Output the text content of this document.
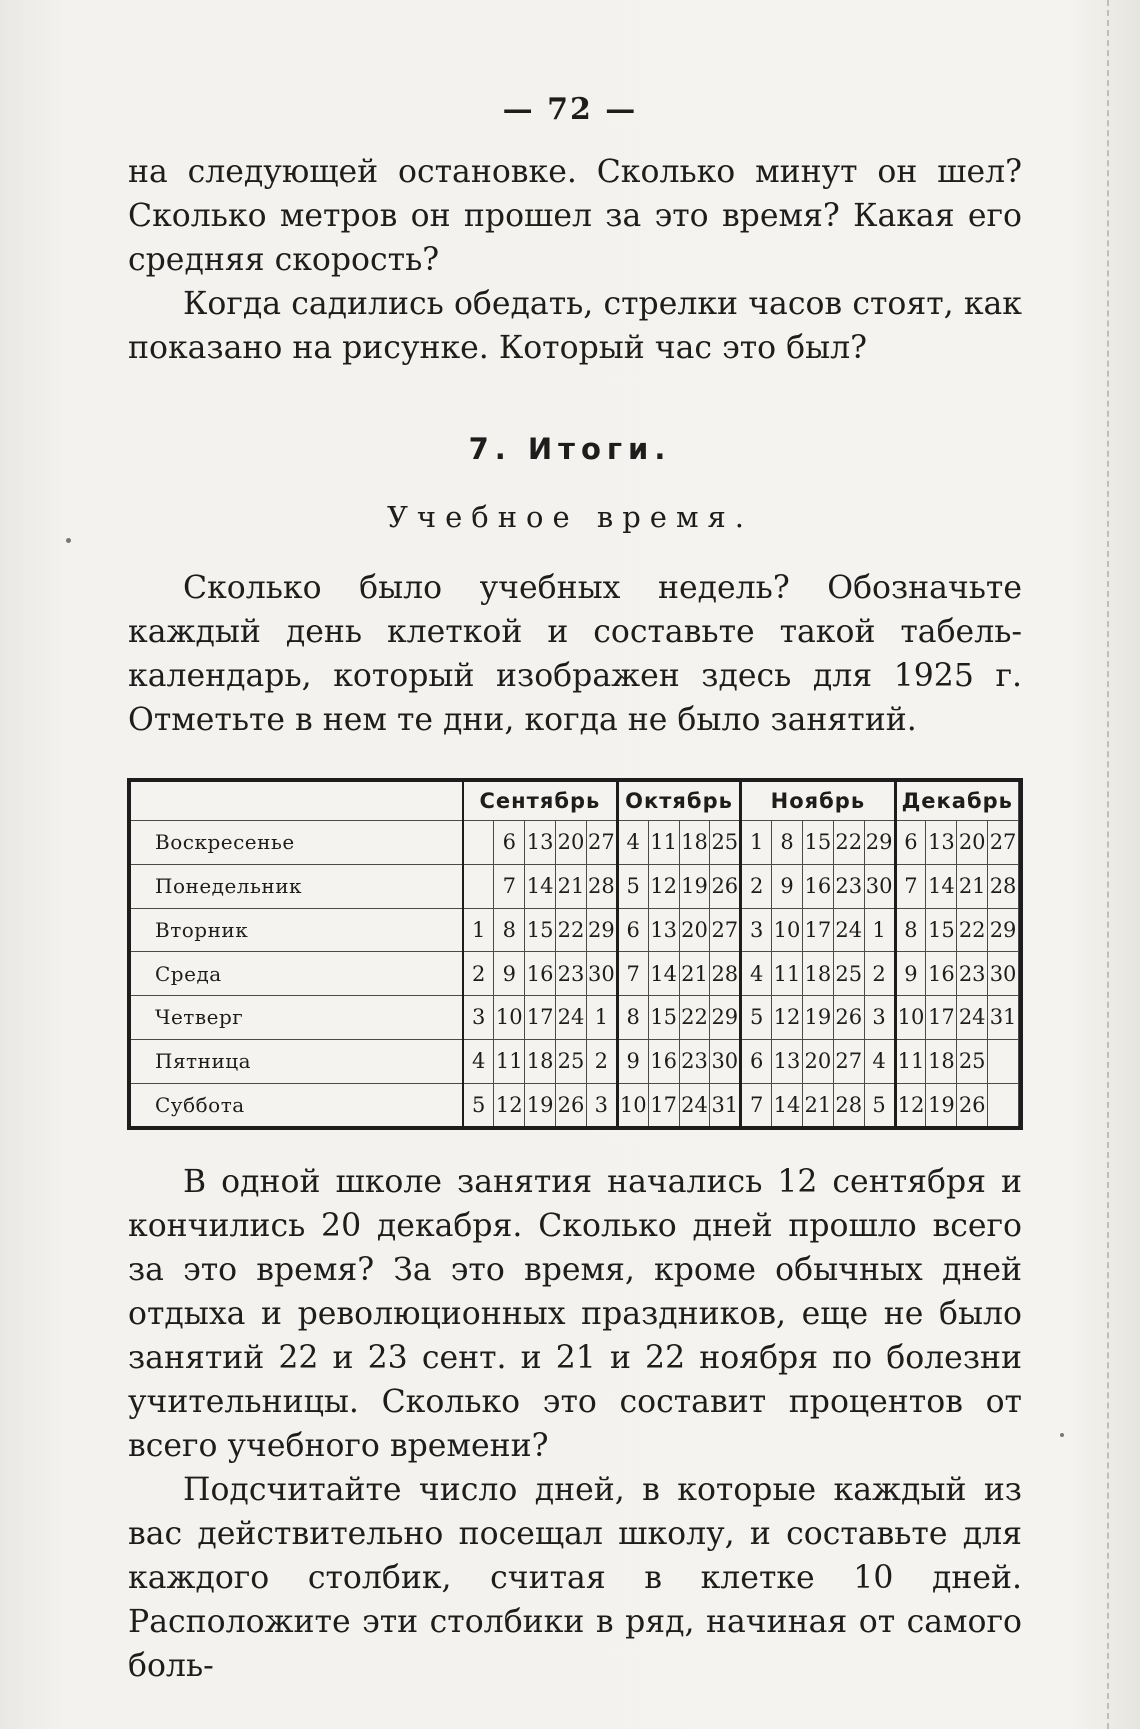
— 72 —

на следующей остановке. Сколько минут он шел? Сколько метров он прошел за это время? Какая его средняя скорость?

Когда садились обедать, стрелки часов стоят, как показано на рисунке. Который час это был?

7. Итоги.
Учебное время.

Сколько было учебных недель? Обозначьте каждый день клеткой и составьте такой табель-календарь, который изображен здесь для 1925 г. Отметьте в нем те дни, когда не было занятий.

	Сентябрь					Октябрь				Ноябрь					Декабрь			
Воскресенье		6	13	20	27	4	11	18	25	1	8	15	22	29	6	13	20	27
Понедельник		7	14	21	28	5	12	19	26	2	9	16	23	30	7	14	21	28
Вторник	1	8	15	22	29	6	13	20	27	3	10	17	24	1	8	15	22	29
Среда	2	9	16	23	30	7	14	21	28	4	11	18	25	2	9	16	23	30
Четверг	3	10	17	24	1	8	15	22	29	5	12	19	26	3	10	17	24	31
Пятница	4	11	18	25	2	9	16	23	30	6	13	20	27	4	11	18	25	
Суббота	5	12	19	26	3	10	17	24	31	7	14	21	28	5	12	19	26	

В одной школе занятия начались 12 сентября и кончились 20 декабря. Сколько дней прошло всего за это время? За это время, кроме обычных дней отдыха и революционных праздников, еще не было занятий 22 и 23 сент. и 21 и 22 ноября по болезни учительницы. Сколько это составит процентов от всего учебного времени?

Подсчитайте число дней, в которые каждый из вас действительно посещал школу, и составьте для каждого столбик, считая в клетке 10 дней. Расположите эти столбики в ряд, начиная от самого боль-
